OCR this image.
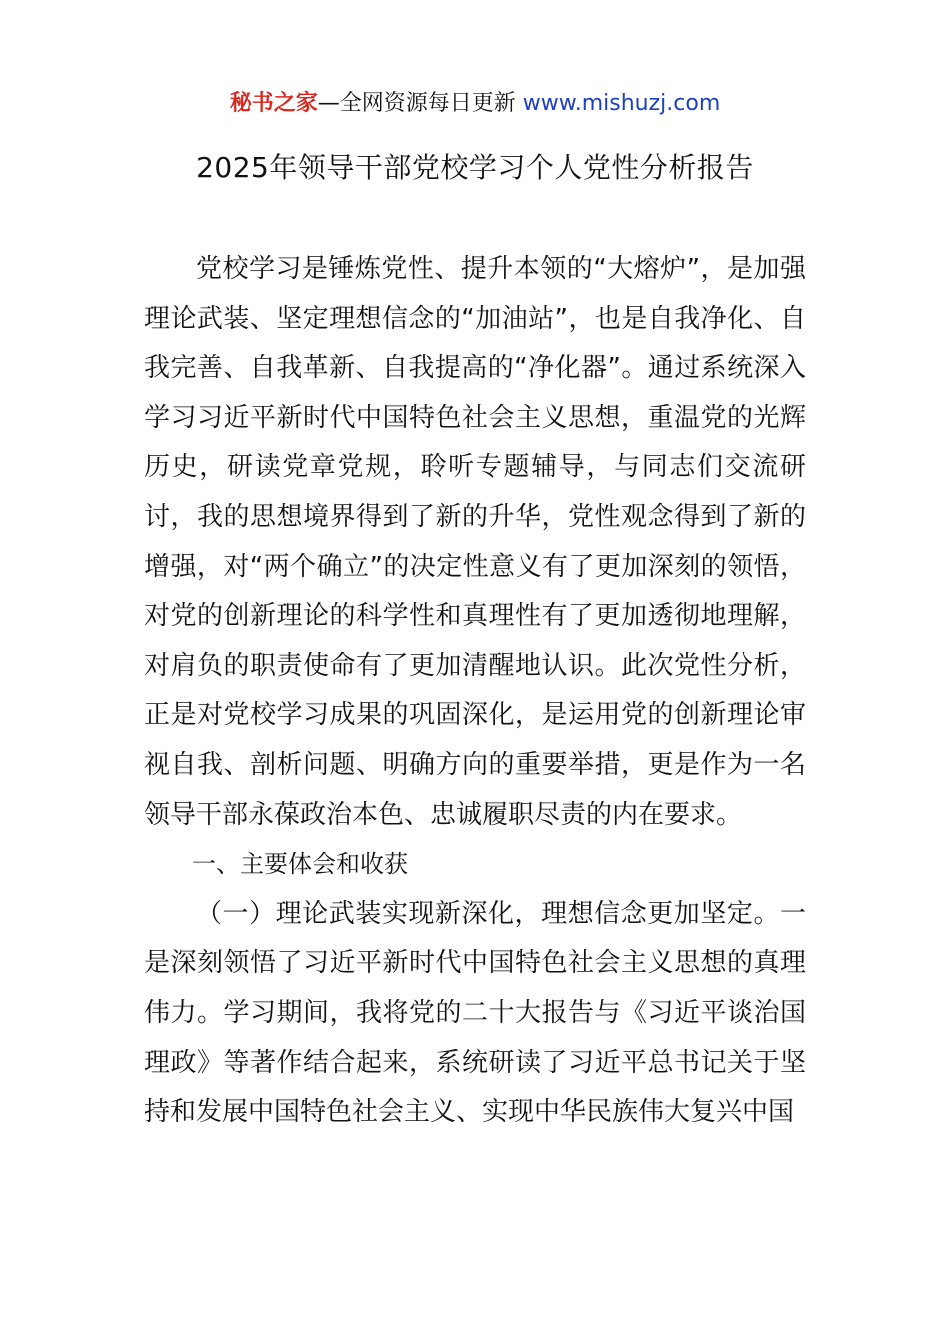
秘书之家—全网资源每日更新 www.mishuzj.com
2025年领导干部党校学习个人党性分析报告

党校学习是锤炼党性、提升本领的“大熔炉”，是加强理论武装、坚定理想信念的“加油站”，也是自我净化、自我完善、自我革新、自我提高的“净化器”。通过系统深入学习习近平新时代中国特色社会主义思想，重温党的光辉历史，研读党章党规，聆听专题辅导，与同志们交流研讨，我的思想境界得到了新的升华，党性观念得到了新的增强，对“两个确立”的决定性意义有了更加深刻的领悟，对党的创新理论的科学性和真理性有了更加透彻地理解，对肩负的职责使命有了更加清醒地认识。此次党性分析，正是对党校学习成果的巩固深化，是运用党的创新理论审视自我、剖析问题、明确方向的重要举措，更是作为一名领导干部永葆政治本色、忠诚履职尽责的内在要求。

一、主要体会和收获

（一）理论武装实现新深化，理想信念更加坚定。一是深刻领悟了习近平新时代中国特色社会主义思想的真理伟力。学习期间，我将党的二十大报告与《习近平谈治国理政》等著作结合起来，系统研读了习近平总书记关于坚持和发展中国特色社会主义、实现中华民族伟大复兴中国
